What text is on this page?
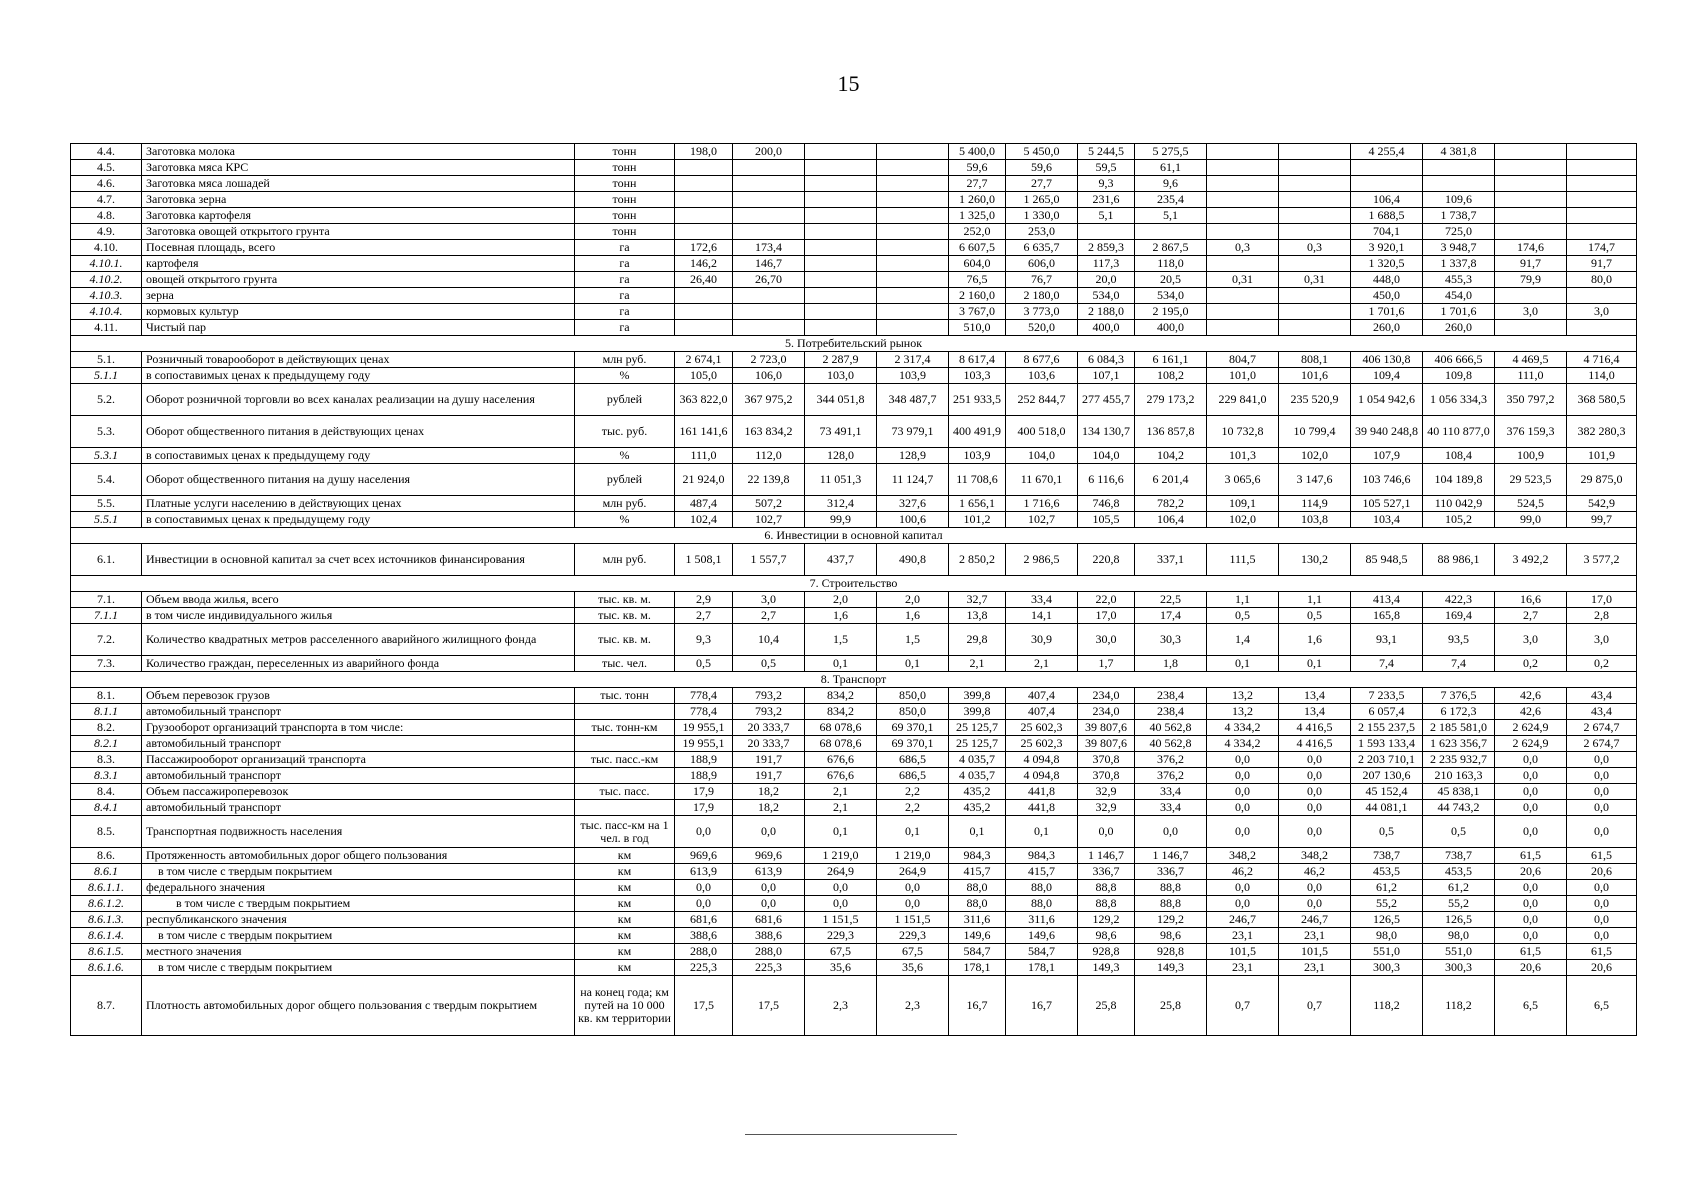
15
4.4.	Заготовка молока	тонн	198,0	200,0			5 400,0	5 450,0	5 244,5	5 275,5			4 255,4	4 381,8		
4.5.	Заготовка мяса КРС	тонн					59,6	59,6	59,5	61,1						
4.6.	Заготовка мяса лошадей	тонн					27,7	27,7	9,3	9,6						
4.7.	Заготовка зерна	тонн					1 260,0	1 265,0	231,6	235,4			106,4	109,6		
4.8.	Заготовка картофеля	тонн					1 325,0	1 330,0	5,1	5,1			1 688,5	1 738,7		
4.9.	Заготовка овощей открытого грунта	тонн					252,0	253,0					704,1	725,0		
4.10.	Посевная площадь, всего	га	172,6	173,4			6 607,5	6 635,7	2 859,3	2 867,5	0,3	0,3	3 920,1	3 948,7	174,6	174,7
4.10.1.	картофеля	га	146,2	146,7			604,0	606,0	117,3	118,0			1 320,5	1 337,8	91,7	91,7
4.10.2.	овощей открытого грунта	га	26,40	26,70			76,5	76,7	20,0	20,5	0,31	0,31	448,0	455,3	79,9	80,0
4.10.3.	зерна	га					2 160,0	2 180,0	534,0	534,0			450,0	454,0		
4.10.4.	кормовых культур	га					3 767,0	3 773,0	2 188,0	2 195,0			1 701,6	1 701,6	3,0	3,0
4.11.	Чистый пар	га					510,0	520,0	400,0	400,0			260,0	260,0		
5. Потребительский рынок																
5.1.	Розничный товарооборот в действующих ценах	млн руб.	2 674,1	2 723,0	2 287,9	2 317,4	8 617,4	8 677,6	6 084,3	6 161,1	804,7	808,1	406 130,8	406 666,5	4 469,5	4 716,4
5.1.1	в сопоставимых ценах к предыдущему году	%	105,0	106,0	103,0	103,9	103,3	103,6	107,1	108,2	101,0	101,6	109,4	109,8	111,0	114,0
5.2.	Оборот розничной торговли во всех каналах реализации на душу населения	рублей	363 822,0	367 975,2	344 051,8	348 487,7	251 933,5	252 844,7	277 455,7	279 173,2	229 841,0	235 520,9	1 054 942,6	1 056 334,3	350 797,2	368 580,5
5.3.	Оборот общественного питания в действующих ценах	тыс. руб.	161 141,6	163 834,2	73 491,1	73 979,1	400 491,9	400 518,0	134 130,7	136 857,8	10 732,8	10 799,4	39 940 248,8	40 110 877,0	376 159,3	382 280,3
5.3.1	в сопоставимых ценах к предыдущему году	%	111,0	112,0	128,0	128,9	103,9	104,0	104,0	104,2	101,3	102,0	107,9	108,4	100,9	101,9
5.4.	Оборот общественного питания на душу населения	рублей	21 924,0	22 139,8	11 051,3	11 124,7	11 708,6	11 670,1	6 116,6	6 201,4	3 065,6	3 147,6	103 746,6	104 189,8	29 523,5	29 875,0
5.5.	Платные услуги населению в действующих ценах	млн руб.	487,4	507,2	312,4	327,6	1 656,1	1 716,6	746,8	782,2	109,1	114,9	105 527,1	110 042,9	524,5	542,9
5.5.1	в сопоставимых ценах к предыдущему году	%	102,4	102,7	99,9	100,6	101,2	102,7	105,5	106,4	102,0	103,8	103,4	105,2	99,0	99,7
6. Инвестиции в основной капитал																
6.1.	Инвестиции в основной капитал за счет всех источников финансирования	млн руб.	1 508,1	1 557,7	437,7	490,8	2 850,2	2 986,5	220,8	337,1	111,5	130,2	85 948,5	88 986,1	3 492,2	3 577,2
7. Строительство																
7.1.	Объем ввода жилья, всего	тыс. кв. м.	2,9	3,0	2,0	2,0	32,7	33,4	22,0	22,5	1,1	1,1	413,4	422,3	16,6	17,0
7.1.1	в том числе индивидуального жилья	тыс. кв. м.	2,7	2,7	1,6	1,6	13,8	14,1	17,0	17,4	0,5	0,5	165,8	169,4	2,7	2,8
7.2.	Количество квадратных метров расселенного аварийного жилищного фонда	тыс. кв. м.	9,3	10,4	1,5	1,5	29,8	30,9	30,0	30,3	1,4	1,6	93,1	93,5	3,0	3,0
7.3.	Количество граждан, переселенных из аварийного фонда	тыс. чел.	0,5	0,5	0,1	0,1	2,1	2,1	1,7	1,8	0,1	0,1	7,4	7,4	0,2	0,2
8. Транспорт																
8.1.	Объем перевозок грузов	тыс. тонн	778,4	793,2	834,2	850,0	399,8	407,4	234,0	238,4	13,2	13,4	7 233,5	7 376,5	42,6	43,4
8.1.1	автомобильный транспорт		778,4	793,2	834,2	850,0	399,8	407,4	234,0	238,4	13,2	13,4	6 057,4	6 172,3	42,6	43,4
8.2.	Грузооборот организаций транспорта в том числе:	тыс. тонн-км	19 955,1	20 333,7	68 078,6	69 370,1	25 125,7	25 602,3	39 807,6	40 562,8	4 334,2	4 416,5	2 155 237,5	2 185 581,0	2 624,9	2 674,7
8.2.1	автомобильный транспорт		19 955,1	20 333,7	68 078,6	69 370,1	25 125,7	25 602,3	39 807,6	40 562,8	4 334,2	4 416,5	1 593 133,4	1 623 356,7	2 624,9	2 674,7
8.3.	Пассажирооборот организаций транспорта	тыс. пасс.-км	188,9	191,7	676,6	686,5	4 035,7	4 094,8	370,8	376,2	0,0	0,0	2 203 710,1	2 235 932,7	0,0	0,0
8.3.1	автомобильный транспорт		188,9	191,7	676,6	686,5	4 035,7	4 094,8	370,8	376,2	0,0	0,0	207 130,6	210 163,3	0,0	0,0
8.4.	Объем пассажироперевозок	тыс. пасс.	17,9	18,2	2,1	2,2	435,2	441,8	32,9	33,4	0,0	0,0	45 152,4	45 838,1	0,0	0,0
8.4.1	автомобильный транспорт		17,9	18,2	2,1	2,2	435,2	441,8	32,9	33,4	0,0	0,0	44 081,1	44 743,2	0,0	0,0
8.5.	Транспортная подвижность населения	тыс. пасс-км на 1 чел. в год	0,0	0,0	0,1	0,1	0,1	0,1	0,0	0,0	0,0	0,0	0,5	0,5	0,0	0,0
8.6.	Протяженность автомобильных дорог общего пользования	км	969,6	969,6	1 219,0	1 219,0	984,3	984,3	1 146,7	1 146,7	348,2	348,2	738,7	738,7	61,5	61,5
8.6.1	в том числе с твердым покрытием	км	613,9	613,9	264,9	264,9	415,7	415,7	336,7	336,7	46,2	46,2	453,5	453,5	20,6	20,6
8.6.1.1.	федерального значения	км	0,0	0,0	0,0	0,0	88,0	88,0	88,8	88,8	0,0	0,0	61,2	61,2	0,0	0,0
8.6.1.2.	в том числе с твердым покрытием	км	0,0	0,0	0,0	0,0	88,0	88,0	88,8	88,8	0,0	0,0	55,2	55,2	0,0	0,0
8.6.1.3.	республиканского значения	км	681,6	681,6	1 151,5	1 151,5	311,6	311,6	129,2	129,2	246,7	246,7	126,5	126,5	0,0	0,0
8.6.1.4.	в том числе с твердым покрытием	км	388,6	388,6	229,3	229,3	149,6	149,6	98,6	98,6	23,1	23,1	98,0	98,0	0,0	0,0
8.6.1.5.	местного значения	км	288,0	288,0	67,5	67,5	584,7	584,7	928,8	928,8	101,5	101,5	551,0	551,0	61,5	61,5
8.6.1.6.	в том числе с твердым покрытием	км	225,3	225,3	35,6	35,6	178,1	178,1	149,3	149,3	23,1	23,1	300,3	300,3	20,6	20,6
8.7.	Плотность автомобильных дорог общего пользования с твердым покрытием	на конец года; км путей на 10 000 кв. км территории	17,5	17,5	2,3	2,3	16,7	16,7	25,8	25,8	0,7	0,7	118,2	118,2	6,5	6,5
